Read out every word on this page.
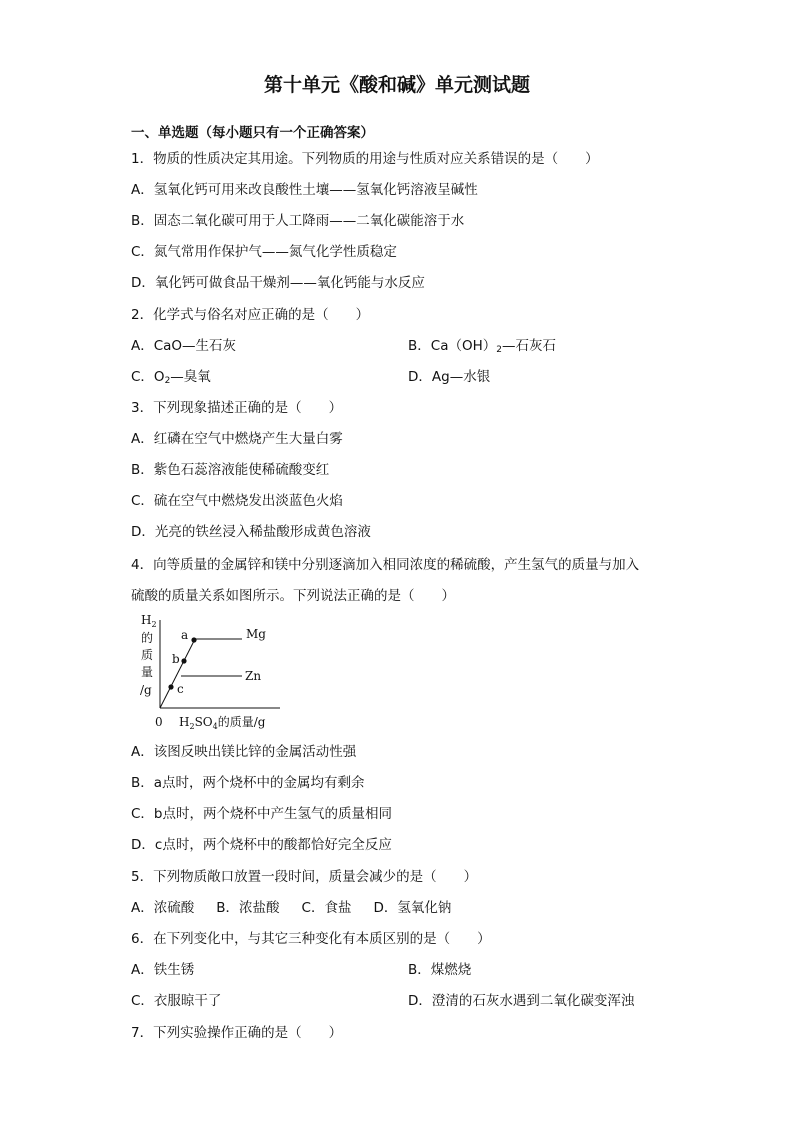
第十单元《酸和碱》单元测试题
一、单选题（每小题只有一个正确答案）
1．物质的性质决定其用途。下列物质的用途与性质对应关系错误的是（　　）
A．氢氧化钙可用来改良酸性土壤——氢氧化钙溶液呈碱性
B．固态二氧化碳可用于人工降雨——二氧化碳能溶于水
C．氮气常用作保护气——氮气化学性质稳定
D．氧化钙可做食品干燥剂——氧化钙能与水反应
2．化学式与俗名对应正确的是（　　）
A．CaO—生石灰	B．$Ca(OH)_2—$石灰石
C．$O_2—$臭氧	D．Ag—水银
3．下列现象描述正确的是（　　）
A．红磷在空气中燃烧产生大量白雾
B．紫色石蕊溶液能使稀硫酸变红
C．硫在空气中燃烧发出淡蓝色火焰
D．光亮的铁丝浸入稀盐酸形成黄色溶液
4．向等质量的金属锌和镁中分别逐滴加入相同浓度的稀硫酸，产生氢气的质量与加入
硫酸的质量关系如图所示。下列说法正确的是（　　）
$H_2$
的
质
量
/g
0 $H_2SO_4$的质量/g
Mg
Zn
a
b
c
A．该图反映出镁比锌的金属活动性强
B．a点时，两个烧杯中的金属均有剩余
C．b点时，两个烧杯中产生氢气的质量相同
D．c点时，两个烧杯中的酸都恰好完全反应
5．下列物质敞口放置一段时间，质量会减少的是（　　）
A．浓硫酸 B．浓盐酸 C．食盐 D．氢氧化钠
6．在下列变化中，与其它三种变化有本质区别的是（　　）
A．铁生锈	B．煤燃烧
C．衣服晾干了	D．澄清的石灰水遇到二氧化碳变浑浊
7．下列实验操作正确的是（　　）
